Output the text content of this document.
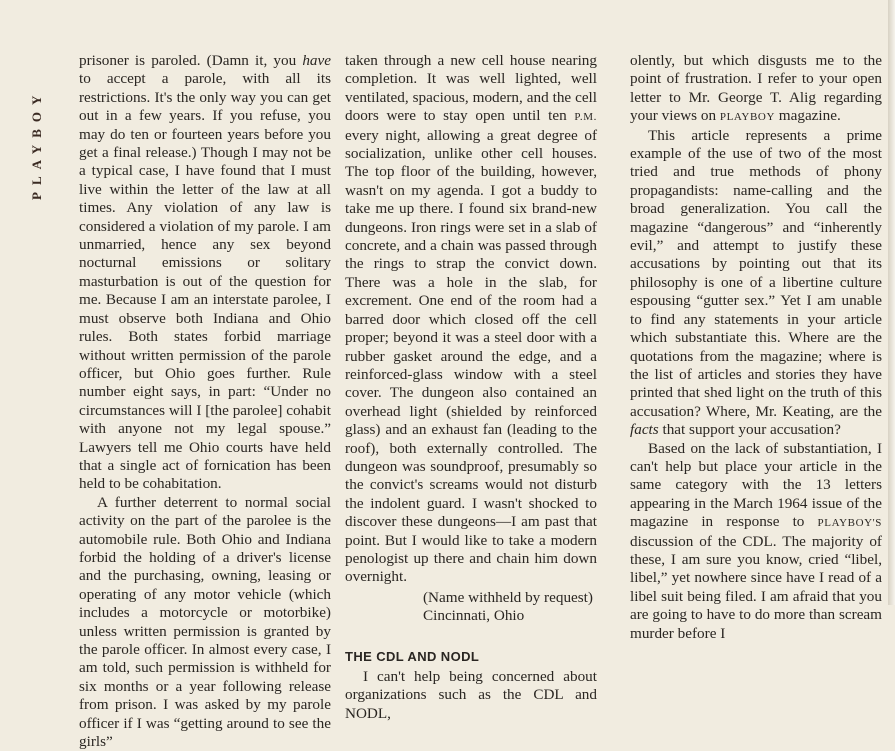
PLAYBOY

prisoner is paroled. (Damn it, you have to accept a parole, with all its restrictions. It's the only way you can get out in a few years. If you refuse, you may do ten or fourteen years before you get a final release.) Though I may not be a typical case, I have found that I must live within the letter of the law at all times. Any violation of any law is considered a violation of my parole. I am unmarried, hence any sex beyond nocturnal emissions or solitary masturbation is out of the question for me. Because I am an interstate parolee, I must observe both Indiana and Ohio rules. Both states forbid marriage without written permission of the parole officer, but Ohio goes further. Rule number eight says, in part: “Under no circumstances will I [the parolee] cohabit with anyone not my legal spouse.” Lawyers tell me Ohio courts have held that a single act of fornication has been held to be cohabitation.

A further deterrent to normal social activity on the part of the parolee is the automobile rule. Both Ohio and Indiana forbid the holding of a driver's license and the purchasing, owning, leasing or operating of any motor vehicle (which includes a motorcycle or motorbike) unless written permission is granted by the parole officer. In almost every case, I am told, such permission is withheld for six months or a year following release from prison. I was asked by my parole officer if I was “getting around to see the girls”

taken through a new cell house nearing completion. It was well lighted, well ventilated, spacious, modern, and the cell doors were to stay open until ten P.M. every night, allowing a great degree of socialization, unlike other cell houses. The top floor of the building, however, wasn't on my agenda. I got a buddy to take me up there. I found six brand-new dungeons. Iron rings were set in a slab of concrete, and a chain was passed through the rings to strap the convict down. There was a hole in the slab, for excrement. One end of the room had a barred door which closed off the cell proper; beyond it was a steel door with a rubber gasket around the edge, and a reinforced-glass window with a steel cover. The dungeon also contained an overhead light (shielded by reinforced glass) and an exhaust fan (leading to the roof), both externally controlled. The dungeon was soundproof, presumably so the convict's screams would not disturb the indolent guard. I wasn't shocked to discover these dungeons—I am past that point. But I would like to take a modern penologist up there and chain him down overnight.

(Name withheld by request)
Cincinnati, Ohio

THE CDL AND NODL

I can't help being concerned about organizations such as the CDL and NODL,

olently, but which disgusts me to the point of frustration. I refer to your open letter to Mr. George T. Alig regarding your views on PLAYBOY magazine.

This article represents a prime example of the use of two of the most tried and true methods of phony propagandists: name-calling and the broad generalization. You call the magazine “dangerous” and “inherently evil,” and attempt to justify these accusations by pointing out that its philosophy is one of a libertine culture espousing “gutter sex.” Yet I am unable to find any statements in your article which substantiate this. Where are the quotations from the magazine; where is the list of articles and stories they have printed that shed light on the truth of this accusation? Where, Mr. Keating, are the facts that support your accusation?

Based on the lack of substantiation, I can't help but place your article in the same category with the 13 letters appearing in the March 1964 issue of the magazine in response to PLAYBOY'S discussion of the CDL. The majority of these, I am sure you know, cried “libel, libel,” yet nowhere since have I read of a libel suit being filed. I am afraid that you are going to have to do more than scream murder before I
